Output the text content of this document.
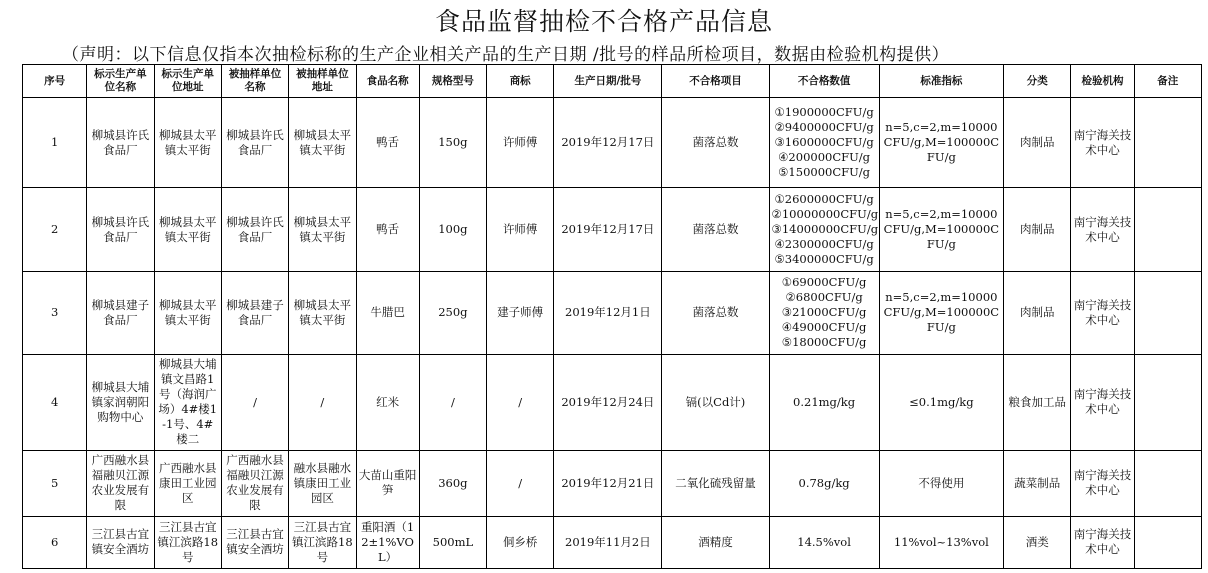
食品监督抽检不合格产品信息
（声明：以下信息仅指本次抽检标称的生产企业相关产品的生产日期 /批号的样品所检项目，数据由检验机构提供）
序号	标示生产单位名称	标示生产单位地址	被抽样单位名称	被抽样单位地址	食品名称	规格型号	商标	生产日期/批号	不合格项目	不合格数值	标准指标	分类	检验机构	备注
1	柳城县许氏食品厂	柳城县太平镇太平街	柳城县许氏食品厂	柳城县太平镇太平街	鸭舌	150g	许师傅	2019年12月17日	菌落总数	①1900000CFU/g
②9400000CFU/g
③1600000CFU/g
④200000CFU/g
⑤150000CFU/g	n=5,c=2,m=10000CFU/g,M=100000CFU/g	肉制品	南宁海关技术中心	
2	柳城县许氏食品厂	柳城县太平镇太平街	柳城县许氏食品厂	柳城县太平镇太平街	鸭舌	100g	许师傅	2019年12月17日	菌落总数	①2600000CFU/g
②10000000CFU/g
③14000000CFU/g
④2300000CFU/g
⑤3400000CFU/g	n=5,c=2,m=10000CFU/g,M=100000CFU/g	肉制品	南宁海关技术中心	
3	柳城县建子食品厂	柳城县太平镇太平街	柳城县建子食品厂	柳城县太平镇太平街	牛腊巴	250g	建子师傅	2019年12月1日	菌落总数	①69000CFU/g
②6800CFU/g
③21000CFU/g
④49000CFU/g
⑤18000CFU/g	n=5,c=2,m=10000CFU/g,M=100000CFU/g	肉制品	南宁海关技术中心	
4	柳城县大埔镇家润朝阳购物中心	柳城县大埔镇文昌路1号（海润广场）4#楼1-1号、4#楼二	/	/	红米	/	/	2019年12月24日	镉(以Cd计)	0.21mg/kg	≤0.1mg/kg	粮食加工品	南宁海关技术中心	
5	广西融水县福融贝江源农业发展有限	广西融水县康田工业园区	广西融水县福融贝江源农业发展有限	融水县融水镇康田工业园区	大苗山重阳笋	360g	/	2019年12月21日	二氧化硫残留量	0.78g/kg	不得使用	蔬菜制品	南宁海关技术中心	
6	三江县古宜镇安全酒坊	三江县古宜镇江滨路18号	三江县古宜镇安全酒坊	三江县古宜镇江滨路18号	重阳酒（12±1%VOL）	500mL	侗乡桥	2019年11月2日	酒精度	14.5%vol	11%vol~13%vol	酒类	南宁海关技术中心	
